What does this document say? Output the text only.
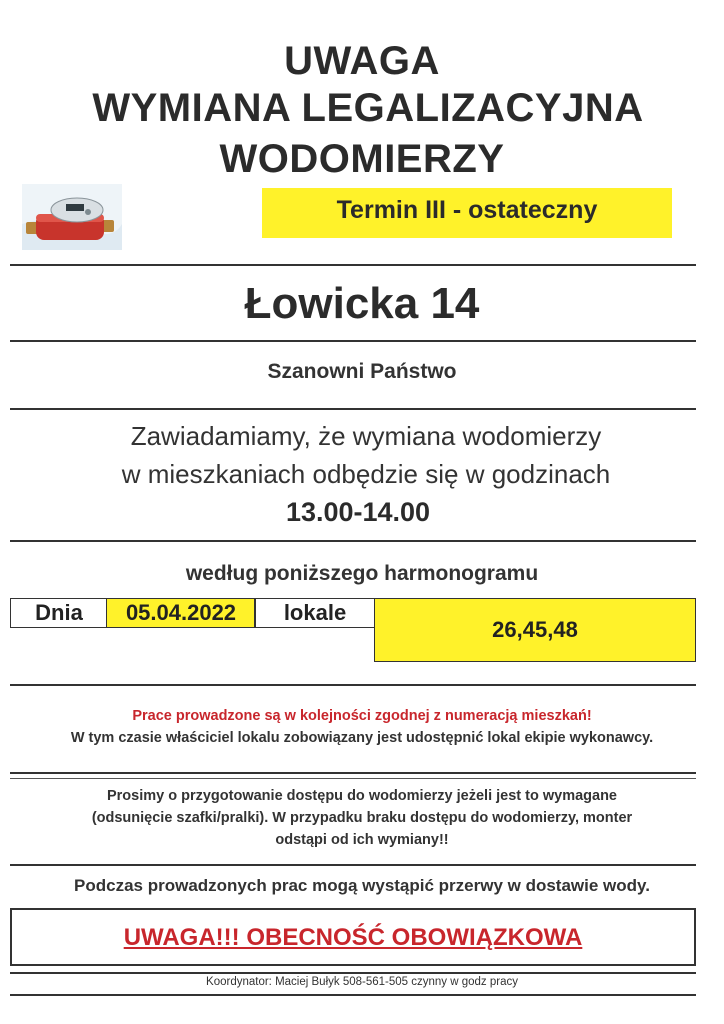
UWAGA
WYMIANA LEGALIZACYJNA
WODOMIERZY
Termin III - ostateczny
Łowicka 14
Szanowni Państwo
Zawiadamiamy, że wymiana wodomierzy
w mieszkaniach odbędzie się w godzinach
13.00-14.00
według poniższego harmonogramu
Dnia	05.04.2022	lokale
26,45,48
Prace prowadzone są w kolejności zgodnej z numeracją mieszkań!
W tym czasie właściciel lokalu zobowiązany jest udostępnić lokal ekipie wykonawcy.
Prosimy o przygotowanie dostępu do wodomierzy jeżeli jest to wymagane
(odsunięcie szafki/pralki). W przypadku braku dostępu do wodomierzy, monter
odstąpi od ich wymiany!!
Podczas prowadzonych prac mogą wystąpić przerwy w dostawie wody.
UWAGA!!! OBECNOŚĆ OBOWIĄZKOWA
Koordynator: Maciej Bułyk 508-561-505 czynny w godz pracy
